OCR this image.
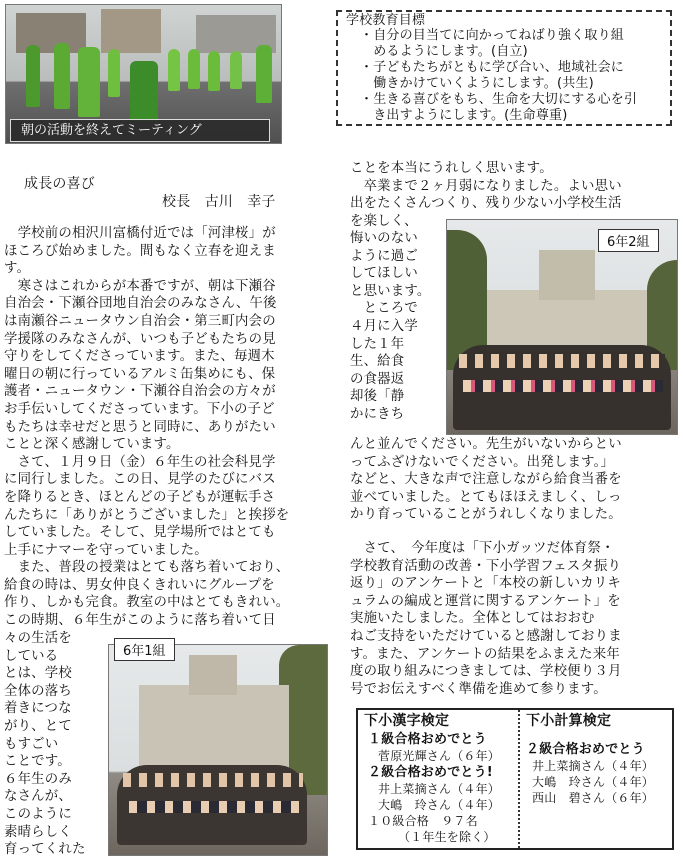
朝の活動を終えてミーティング
学校教育目標
・自分の目当てに向かってねばり強く取り組
　めるようにします。(自立)
・子どもたちがともに学び合い、地域社会に
　働きかけていくようにします。(共生)
・生きる喜びをもち、生命を大切にする心を引
　き出すようにします。(生命尊重)
成長の喜び
校長　古川　幸子
　学校前の相沢川富橋付近では「河津桜」が
ほころび始めました。間もなく立春を迎えま
す。
　寒さはこれからが本番ですが、朝は下瀬谷
自治会・下瀬谷団地自治会のみなさん、午後
は南瀬谷ニュータウン自治会・第三町内会の
学援隊のみなさんが、いつも子どもたちの見
守りをしてくださっています。また、毎週木
曜日の朝に行っているアルミ缶集めにも、保
護者・ニュータウン・下瀬谷自治会の方々が
お手伝いしてくださっています。下小の子ど
もたちは幸せだと思うと同時に、ありがたい
ことと深く感謝しています。
　さて、１月９日（金）６年生の社会科見学
に同行しました。この日、見学のたびにバス
を降りるとき、ほとんどの子どもが運転手さ
んたちに「ありがとうございました」と挨拶を
していました。そして、見学場所ではとても
上手にナマーを守っていました。
　また、普段の授業はとても落ち着いており、
給食の時は、男女仲良くきれいにグループを
作り、しかも完食。教室の中はとてもきれい。
この時期、６年生がこのように落ち着いて日
々の生活を
している
とは、学校
全体の落ち
着きにつな
がり、とて
もすごい
ことです。
６年生のみ
なさんが、
このように
素晴らしく
育ってくれた
6年1組
ことを本当にうれしく思います。
　卒業まで２ヶ月弱になりました。よい思い
出をたくさんつくり、残り少ない小学校生活
を楽しく、
悔いのない
ように過ご
してほしい
と思います。
　ところで
４月に入学
した１年
生、給食
の食器返
却後「静
かにきち
6年2組
んと並んでください。先生がいないからとい
ってふざけないでください。出発します。」
などと、大きな声で注意しながら給食当番を
並べていました。とてもほほえましく、しっ
かり育っていることがうれしくなりました。
　さて、　今年度は「下小ガッツだ体育祭・
学校教育活動の改善・下小学習フェスタ振り
返り」のアンケートと「本校の新しいカリキ
ュラムの編成と運営に関するアンケート」を
実施いたしました。全体としてはおおむ
ねご支持をいただけていると感謝しておりま
す。また、アンケートの結果をふまえた来年
度の取り組みにつきましては、学校便り３月
号でお伝えすべく準備を進めて参ります。
下小漢字検定
１級合格おめでとう
菅原光輝さん（６年）
２級合格おめでとう!
井上菜摘さん（４年）
大嶋　玲さん（４年）
１０級合格　９７名
（１年生を除く）
下小計算検定
２級合格おめでとう
井上菜摘さん（４年）
大嶋　玲さん（４年）
西山　碧さん（６年）
